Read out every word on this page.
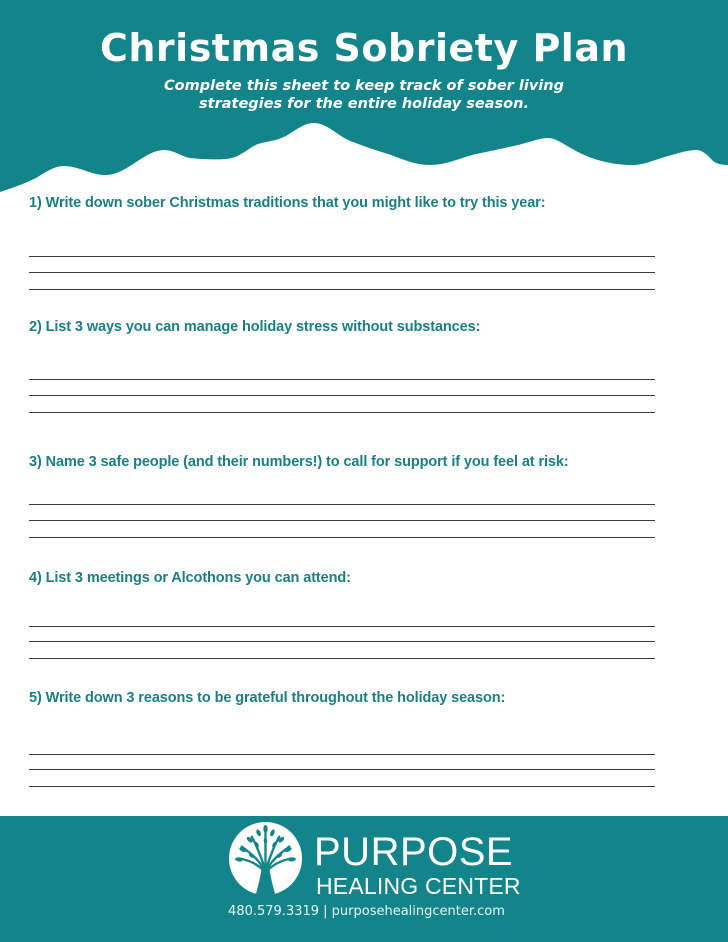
Christmas Sobriety Plan
Complete this sheet to keep track of sober living
strategies for the entire holiday season.
1) Write down sober Christmas traditions that you might like to try this year:
2) List 3 ways you can manage holiday stress without substances:
3) Name 3 safe people (and their numbers!) to call for support if you feel at risk:
4) List 3 meetings or Alcothons you can attend:
5) Write down 3 reasons to be grateful throughout the holiday season:
PURPOSE
HEALING CENTER
480.579.3319 | purposehealingcenter.com
